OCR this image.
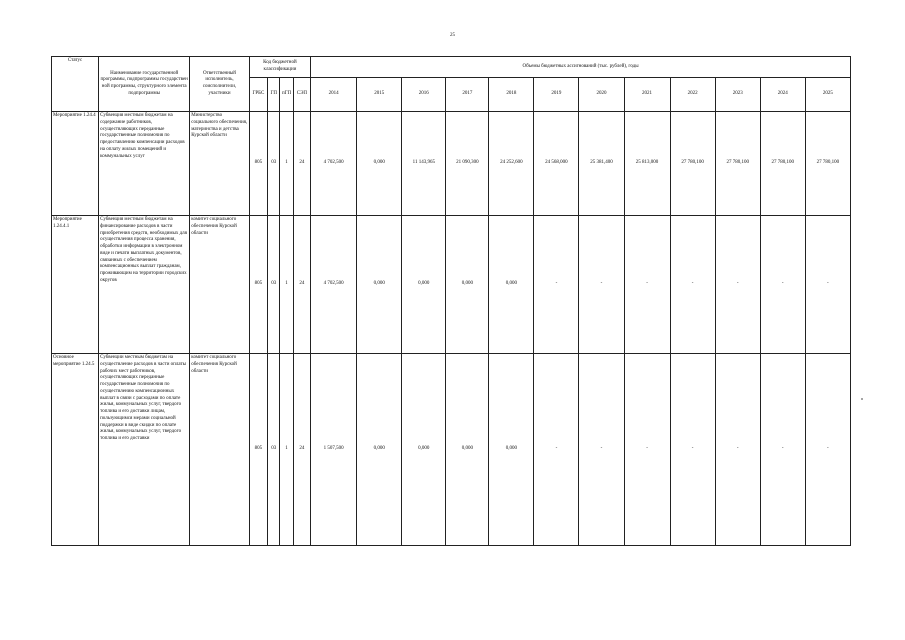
25
Статус	Наименование государственной программы, подпрограммы государствен ной программы, структурного элемента подпрограммы	Ответственный исполнитель, соисполнители, участники	Код бюджетной классификации				Объемы бюджетных ассигнований (тыс. рублей), годы											
			ГРБС	ГП	пГП	СЭП	2014	2015	2016	2017	2018	2019	2020	2021	2022	2023	2024	2025
Мероприятие 1.24.4	Субвенция местным бюджетам на содержание работников, осуществляющих переданные государственные полномочия по предоставлению компенсации расходов на оплату жилых помещений и коммунальных услуг	Министерство социального обеспечения, материнства и детства Курской области	805	03	1	24	4 702,500	0,000	11 143,965	21 090,300	24 252,600	24 568,000	25 381,400	25 813,000	27 780,100	27 780,100	27 780,100	27 780,100
Мероприятие 1.24.4.1	Субвенция местным бюджетам на финансирование расходов в части приобретения средств, необходимых для осуществления процесса хранения, обработки информации в электронном виде и печати выплатных документов, связанных с обеспечением компенсационных выплат гражданам, проживающим на территории городских округов	комитет социального обеспечения Курской области	805	03	1	24	4 702,500	0,000	0,000	0,000	0,000	-	-	-	-	-	-	-
Основное мероприятие 1.24.5	Субвенции местным бюджетам на осуществление расходов в части оплаты рабочих мест работников, осуществляющих переданные государственные полномочия по осуществлению компенсационных выплат в связи с расходами по оплате жилья, коммунальных услуг, твердого топлива и его доставки лицам, пользующимся мерами социальной поддержки в виде скидки по оплате жилья, коммунальных услуг, твердого топлива и его доставки	комитет социального обеспечения Курской области	805	03	1	24	1 507,500	0,000	0,000	0,000	0,000	-	-	-	-	-	-	-
